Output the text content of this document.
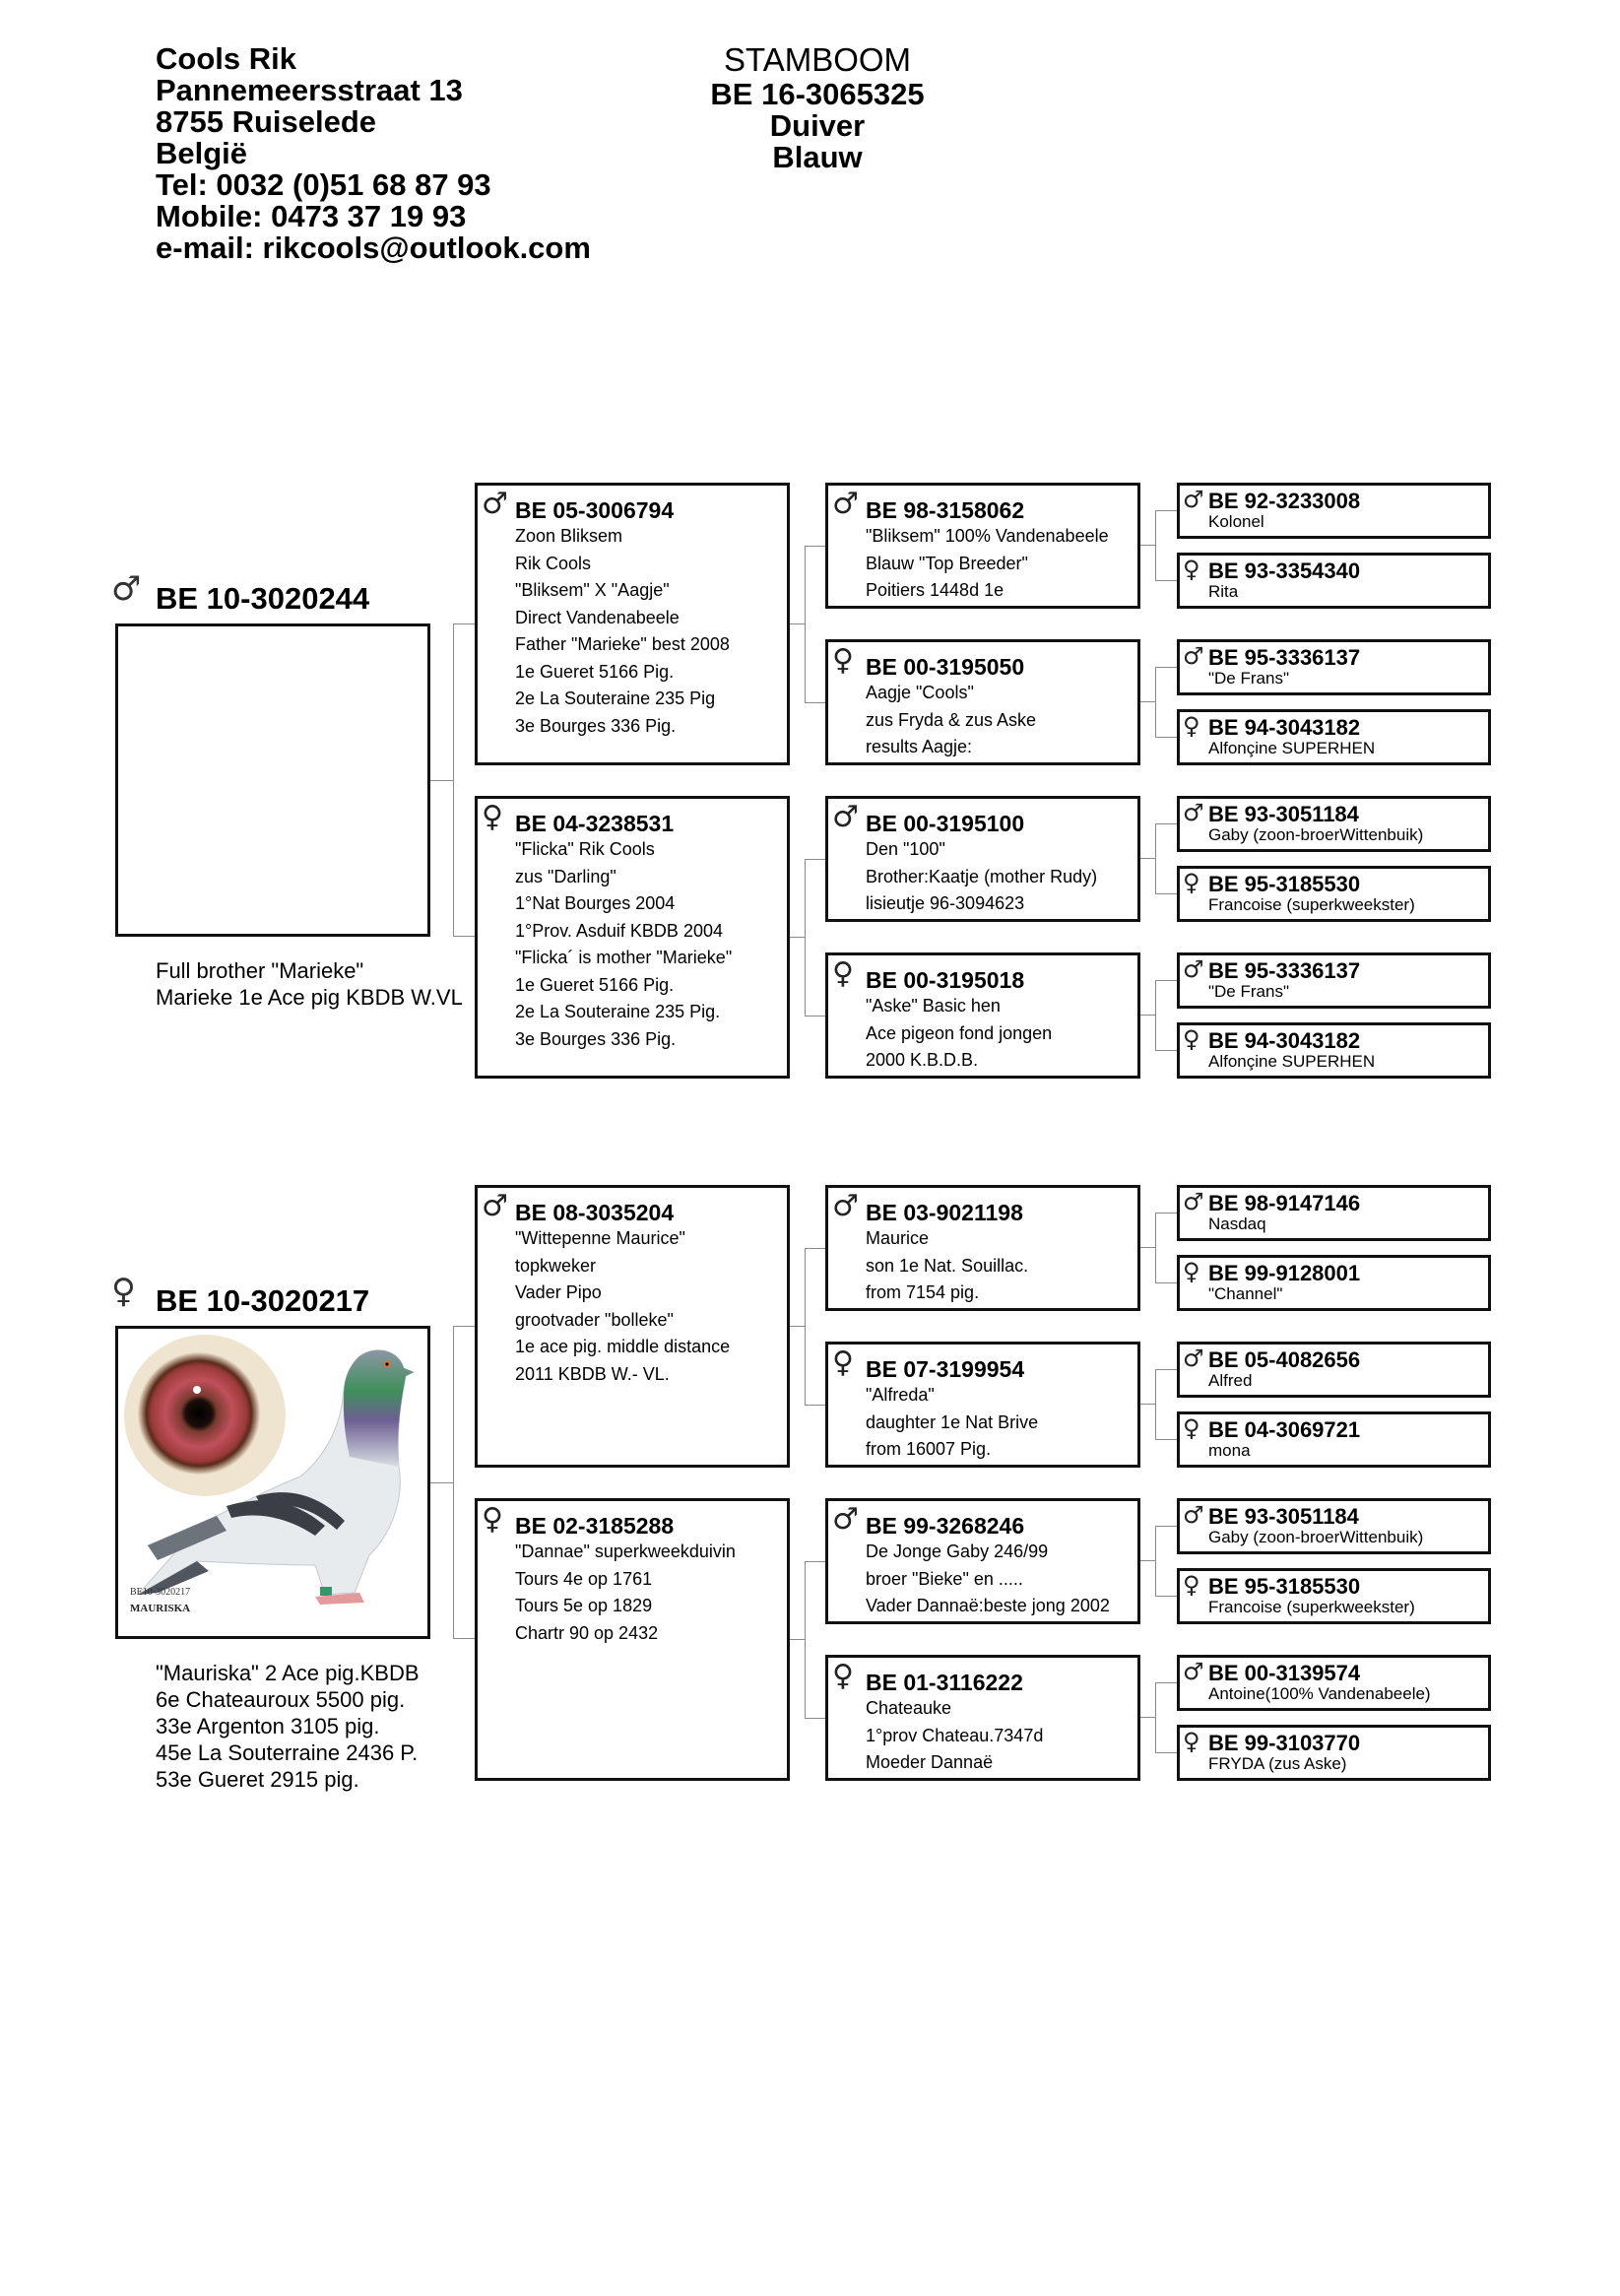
Cools Rik
Pannemeersstraat 13
8755 Ruiselede
België
Tel: 0032 (0)51 68 87 93
Mobile: 0473 37 19 93
e-mail: rikcools@outlook.com
STAMBOOM
BE 16-3065325
Duiver
Blauw
♂ BE 10-3020244
Full brother "Marieke"
Marieke 1e Ace pig KBDB W.VL
♂ BE 05-3006794
Zoon Bliksem
Rik Cools
"Bliksem" X "Aagje"
Direct Vandenabeele
Father "Marieke" best 2008
1e Gueret 5166 Pig.
2e La Souteraine 235 Pig
3e Bourges 336 Pig.
♂ BE 98-3158062
"Bliksem" 100% Vandenabeele
Blauw "Top Breeder"
Poitiers 1448d 1e
♂ BE 92-3233008
Kolonel
♀ BE 93-3354340
Rita
♀ BE 00-3195050
Aagje "Cools"
zus Fryda & zus Aske
results Aagje:
♂ BE 95-3336137
"De Frans"
♀ BE 94-3043182
Alfonçine SUPERHEN
♀ BE 04-3238531
"Flicka" Rik Cools
zus "Darling"
1°Nat Bourges 2004
1°Prov. Asduif KBDB 2004
"Flicka´ is mother "Marieke"
1e Gueret 5166 Pig.
2e La Souteraine 235 Pig.
3e Bourges 336 Pig.
♂ BE 00-3195100
Den "100"
Brother:Kaatje (mother Rudy)
lisieutje 96-3094623
♂ BE 93-3051184
Gaby (zoon-broerWittenbuik)
♀ BE 95-3185530
Francoise (superkweekster)
♀ BE 00-3195018
"Aske" Basic hen
Ace pigeon fond jongen
2000 K.B.D.B.
♂ BE 95-3336137
"De Frans"
♀ BE 94-3043182
Alfonçine SUPERHEN
♀ BE 10-3020217
BE10-3020217
MAURISKA
"Mauriska" 2 Ace pig.KBDB
6e Chateauroux 5500 pig.
33e Argenton 3105 pig.
45e La Souterraine 2436 P.
53e Gueret 2915 pig.
♂ BE 08-3035204
"Wittepenne Maurice"
topkweker
Vader Pipo
grootvader "bolleke"
1e ace pig. middle distance
2011 KBDB W.- VL.
♂ BE 03-9021198
Maurice
son 1e Nat. Souillac.
from 7154 pig.
♂ BE 98-9147146
Nasdaq
♀ BE 99-9128001
"Channel"
♀ BE 07-3199954
"Alfreda"
daughter 1e Nat Brive
from 16007 Pig.
♂ BE 05-4082656
Alfred
♀ BE 04-3069721
mona
♀ BE 02-3185288
"Dannae" superkweekduivin
Tours 4e op 1761
Tours 5e op 1829
Chartr 90 op 2432
♂ BE 99-3268246
De Jonge Gaby 246/99
broer "Bieke" en .....
Vader Dannaë:beste jong 2002
♂ BE 93-3051184
Gaby (zoon-broerWittenbuik)
♀ BE 95-3185530
Francoise (superkweekster)
♀ BE 01-3116222
Chateauke
1°prov Chateau.7347d
Moeder Dannaë
♂ BE 00-3139574
Antoine(100% Vandenabeele)
♀ BE 99-3103770
FRYDA (zus Aske)
